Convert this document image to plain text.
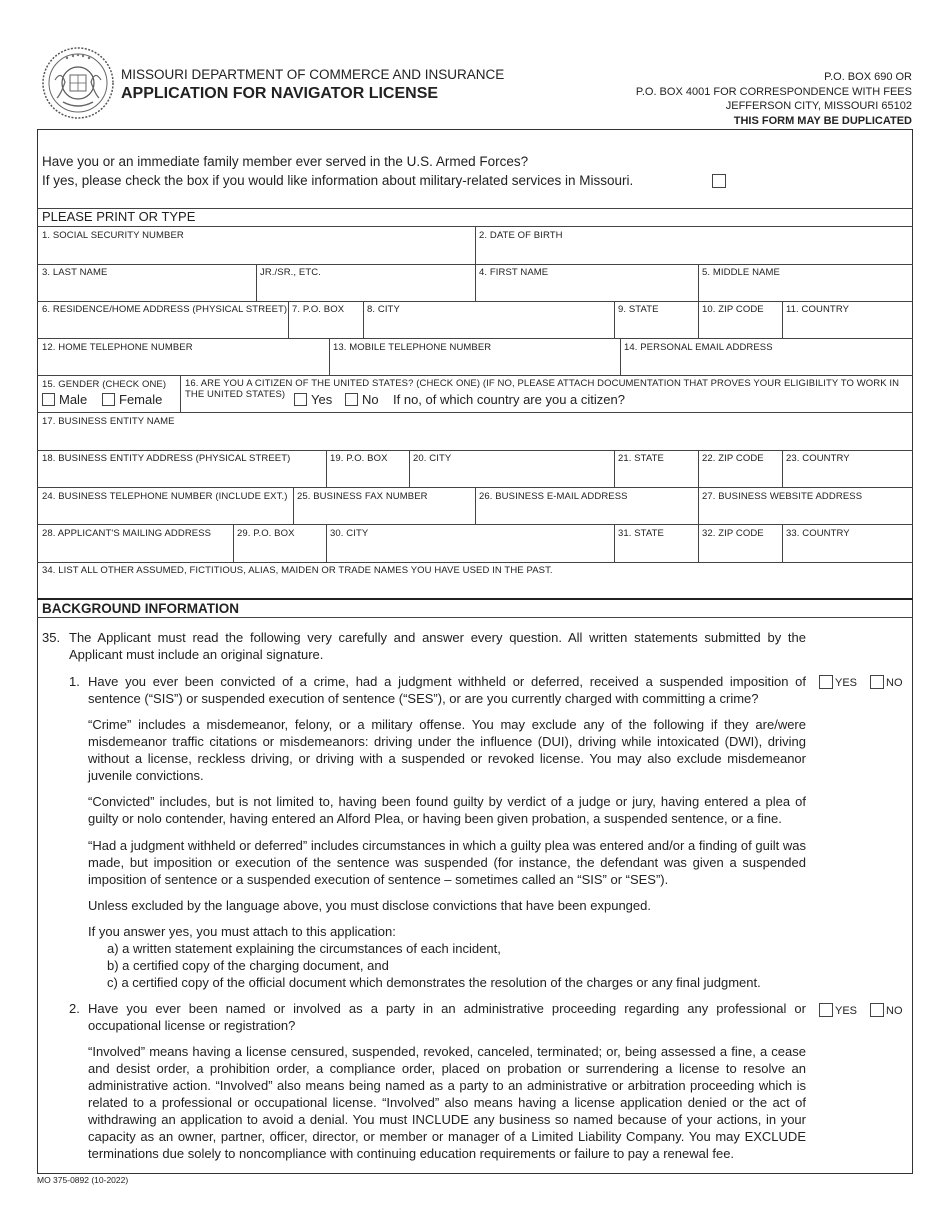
MISSOURI DEPARTMENT OF COMMERCE AND INSURANCE
APPLICATION FOR NAVIGATOR LICENSE
P.O. BOX 690 OR
P.O. BOX 4001 FOR CORRESPONDENCE WITH FEES
JEFFERSON CITY, MISSOURI 65102
THIS FORM MAY BE DUPLICATED
Have you or an immediate family member ever served in the U.S. Armed Forces?
If yes, please check the box if you would like information about military-related services in Missouri.
PLEASE PRINT OR TYPE
1. SOCIAL SECURITY NUMBER	2. DATE OF BIRTH
3. LAST NAME	JR./SR., ETC.	4. FIRST NAME	5. MIDDLE NAME
6. RESIDENCE/HOME ADDRESS (PHYSICAL STREET) 7. P.O. BOX 8. CITY	9. STATE	10. ZIP CODE 11. COUNTRY
12. HOME TELEPHONE NUMBER	13. MOBILE TELEPHONE NUMBER	14. PERSONAL EMAIL ADDRESS
15. GENDER (CHECK ONE)
Male	Female
16. ARE YOU A CITIZEN OF THE UNITED STATES? (CHECK ONE) (IF NO, PLEASE ATTACH DOCUMENTATION THAT PROVES YOUR ELIGIBILITY TO WORK IN THE UNITED STATES)	Yes	No If no, of which country are you a citizen?
17. BUSINESS ENTITY NAME
18. BUSINESS ENTITY ADDRESS (PHYSICAL STREET)	19. P.O. BOX	20. CITY	21. STATE	22. ZIP CODE 23. COUNTRY
24. BUSINESS TELEPHONE NUMBER (INCLUDE EXT.) 25. BUSINESS FAX NUMBER	26. BUSINESS E-MAIL ADDRESS	27. BUSINESS WEBSITE ADDRESS
28. APPLICANT'S MAILING ADDRESS	29. P.O. BOX	30. CITY	31. STATE	32. ZIP CODE 33. COUNTRY
34. LIST ALL OTHER ASSUMED, FICTITIOUS, ALIAS, MAIDEN OR TRADE NAMES YOU HAVE USED IN THE PAST.
BACKGROUND INFORMATION
35. The Applicant must read the following very carefully and answer every question. All written statements submitted by the Applicant must include an original signature.
1. Have you ever been convicted of a crime, had a judgment withheld or deferred, received a suspended imposition of sentence (“SIS”) or suspended execution of sentence (“SES”), or are you currently charged with committing a crime?
YES	NO
“Crime” includes a misdemeanor, felony, or a military offense. You may exclude any of the following if they are/were misdemeanor traffic citations or misdemeanors: driving under the influence (DUI), driving while intoxicated (DWI), driving without a license, reckless driving, or driving with a suspended or revoked license. You may also exclude misdemeanor juvenile convictions.
“Convicted” includes, but is not limited to, having been found guilty by verdict of a judge or jury, having entered a plea of guilty or nolo contender, having entered an Alford Plea, or having been given probation, a suspended sentence, or a fine.
“Had a judgment withheld or deferred” includes circumstances in which a guilty plea was entered and/or a finding of guilt was made, but imposition or execution of the sentence was suspended (for instance, the defendant was given a suspended imposition of sentence or a suspended execution of sentence – sometimes called an “SIS” or “SES”).
Unless excluded by the language above, you must disclose convictions that have been expunged.
If you answer yes, you must attach to this application:
a) a written statement explaining the circumstances of each incident,
b) a certified copy of the charging document, and
c) a certified copy of the official document which demonstrates the resolution of the charges or any final judgment.
2. Have you ever been named or involved as a party in an administrative proceeding regarding any professional or occupational license or registration?
YES	NO
“Involved” means having a license censured, suspended, revoked, canceled, terminated; or, being assessed a fine, a cease and desist order, a prohibition order, a compliance order, placed on probation or surrendering a license to resolve an administrative action. “Involved” also means being named as a party to an administrative or arbitration proceeding which is related to a professional or occupational license. “Involved” also means having a license application denied or the act of withdrawing an application to avoid a denial. You must INCLUDE any business so named because of your actions, in your capacity as an owner, partner, officer, director, or member or manager of a Limited Liability Company. You may EXCLUDE terminations due solely to noncompliance with continuing education requirements or failure to pay a renewal fee.
MO 375-0892 (10-2022)
